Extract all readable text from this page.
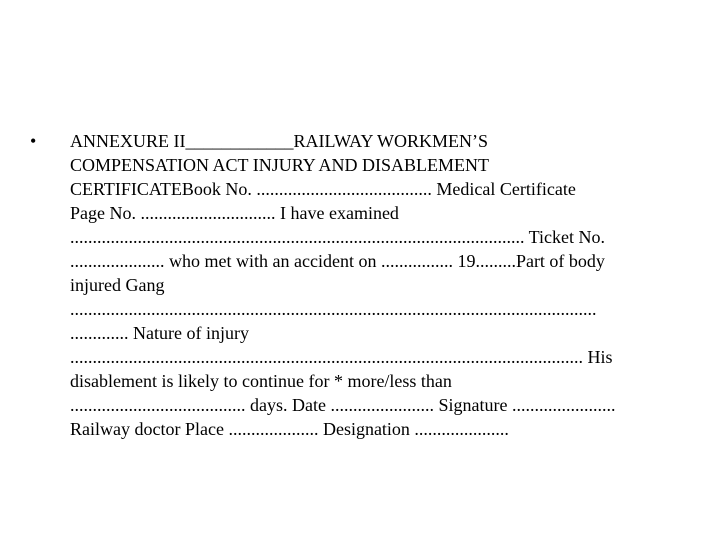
• ANNEXURE II____________RAILWAY WORKMEN’S
COMPENSATION ACT INJURY AND DISABLEMENT
CERTIFICATEBook No. ....................................... Medical Certificate
Page No. .............................. I have examined
..................................................................................................... Ticket No.
..................... who met with an accident on ................ 19.........Part of body
injured Gang
.....................................................................................................................
............. Nature of injury
.................................................................................................................. His
disablement is likely to continue for * more/less than
....................................... days. Date ....................... Signature .......................
Railway doctor Place .................... Designation .....................
